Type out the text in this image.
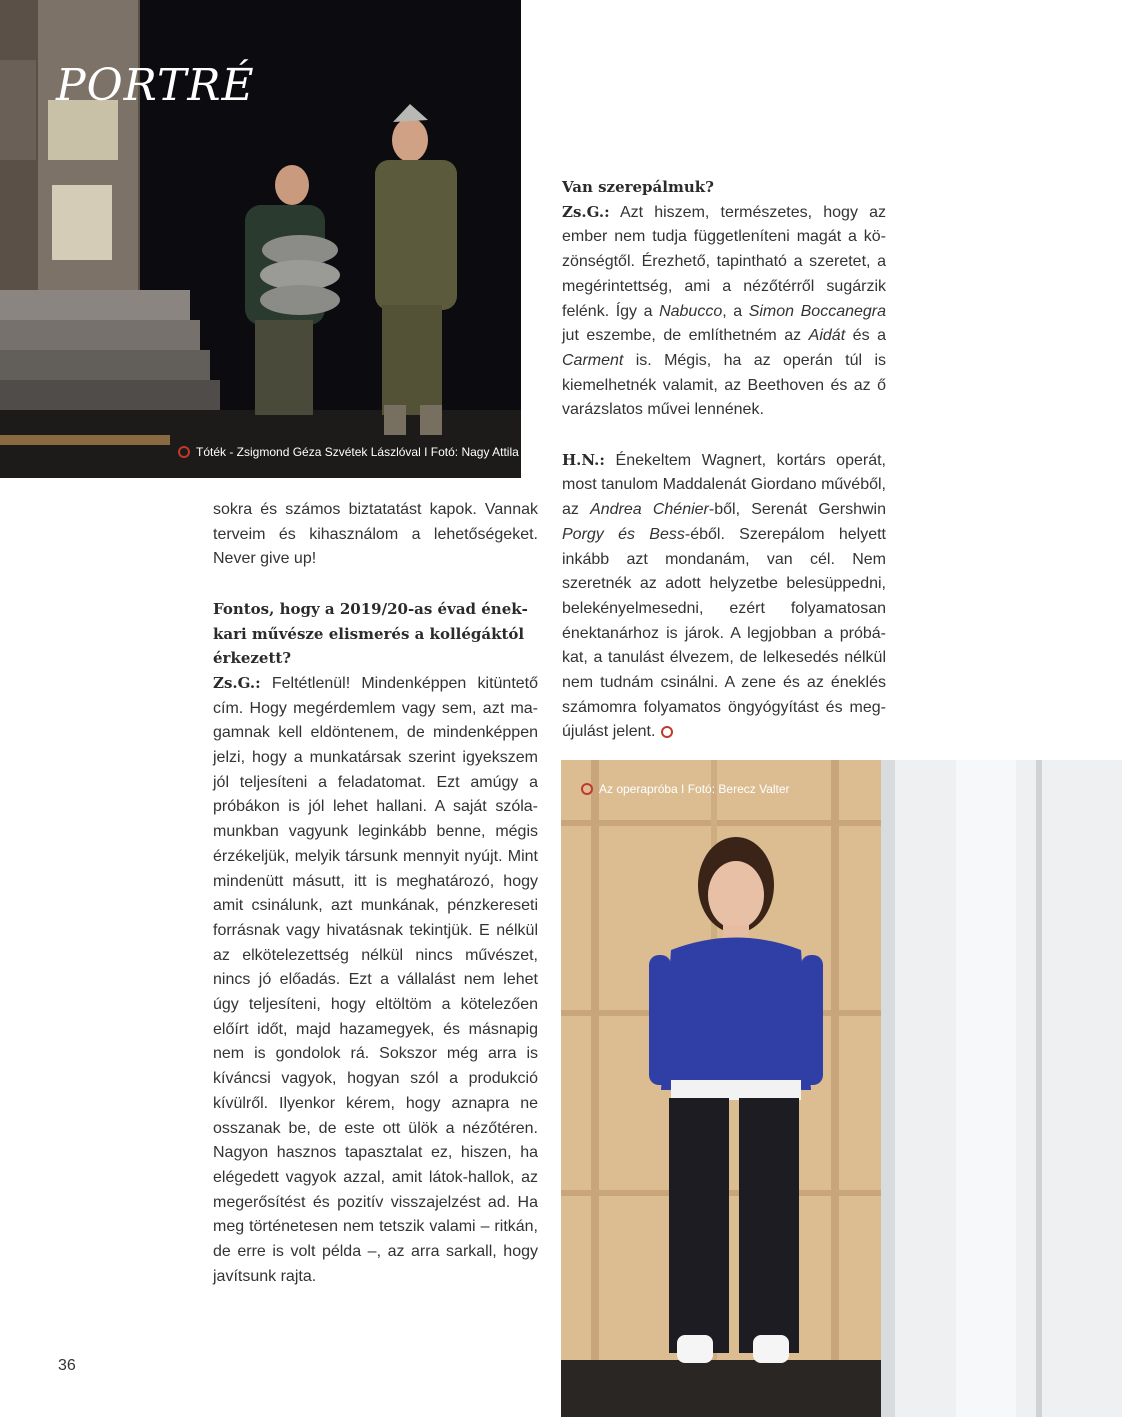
PORTRÉ
Tóték - Zsigmond Géza Szvétek Lászlóval I Fotó: Nagy Attila

sokra és számos biztatatást kapok. Vannak terveim és kihasználom a lehetőségeket. Never give up!

Fontos, hogy a 2019/20-as évad énekkari művésze elismerés a kollégáktól érkezett?

Zs.G.: Feltétlenül! Mindenképpen kitüntető cím. Hogy megérdemlem vagy sem, azt magamnak kell eldöntenem, de mindenképpen jelzi, hogy a munkatársak szerint igyekszem jól teljesíteni a feladatomat. Ezt amúgy a próbákon is jól lehet hallani. A saját szólamunkban vagyunk leginkább benne, mégis érzékeljük, melyik társunk mennyit nyújt. Mint mindenütt másutt, itt is meghatározó, hogy amit csinálunk, azt munkának, pénzkereseti forrásnak vagy hivatásnak tekintjük. E nélkül az elkötelezettség nélkül nincs művészet, nincs jó előadás. Ezt a vállalást nem lehet úgy teljesíteni, hogy eltöltöm a kötelezően előírt időt, majd hazamegyek, és másnapig nem is gondolok rá. Sokszor még arra is kíváncsi vagyok, hogyan szól a produkció kívülről. Ilyenkor kérem, hogy aznapra ne osszanak be, de este ott ülök a nézőtéren. Nagyon hasznos tapasztalat ez, hiszen, ha elégedett vagyok azzal, amit látok-hallok, az megerősítést és pozitív visszajelzést ad. Ha meg történetesen nem tetszik valami – ritkán, de erre is volt példa –, az arra sarkall, hogy javítsunk rajta.

Van szerepálmuk?

Zs.G.: Azt hiszem, természetes, hogy az ember nem tudja függetleníteni magát a közönségtől. Érezhető, tapintható a szeretet, a megérintettség, ami a nézőtérről sugárzik felénk. Így a Nabucco, a Simon Boccanegra jut eszembe, de említhetném az Aidát és a Carment is. Mégis, ha az operán túl is kiemelhetnék valamit, az Beethoven és az ő varázslatos művei lennének.

H.N.: Énekeltem Wagnert, kortárs operát, most tanulom Maddalenát Giordano művéből, az Andrea Chénier-ből, Serenát Gershwin Porgy és Bess-éből. Szerepálom helyett inkább azt mondanám, van cél. Nem szeretnék az adott helyzetbe belesüppedni, belekényelmesedni, ezért folyamatosan énektanárhoz is járok. A legjobban a próbákat, a tanulást élvezem, de lelkesedés nélkül nem tudnám csinálni. A zene és az éneklés számomra folyamatos öngyógyítást és megújulást jelent.

Az operapróba I Fotó: Berecz Valter
36
